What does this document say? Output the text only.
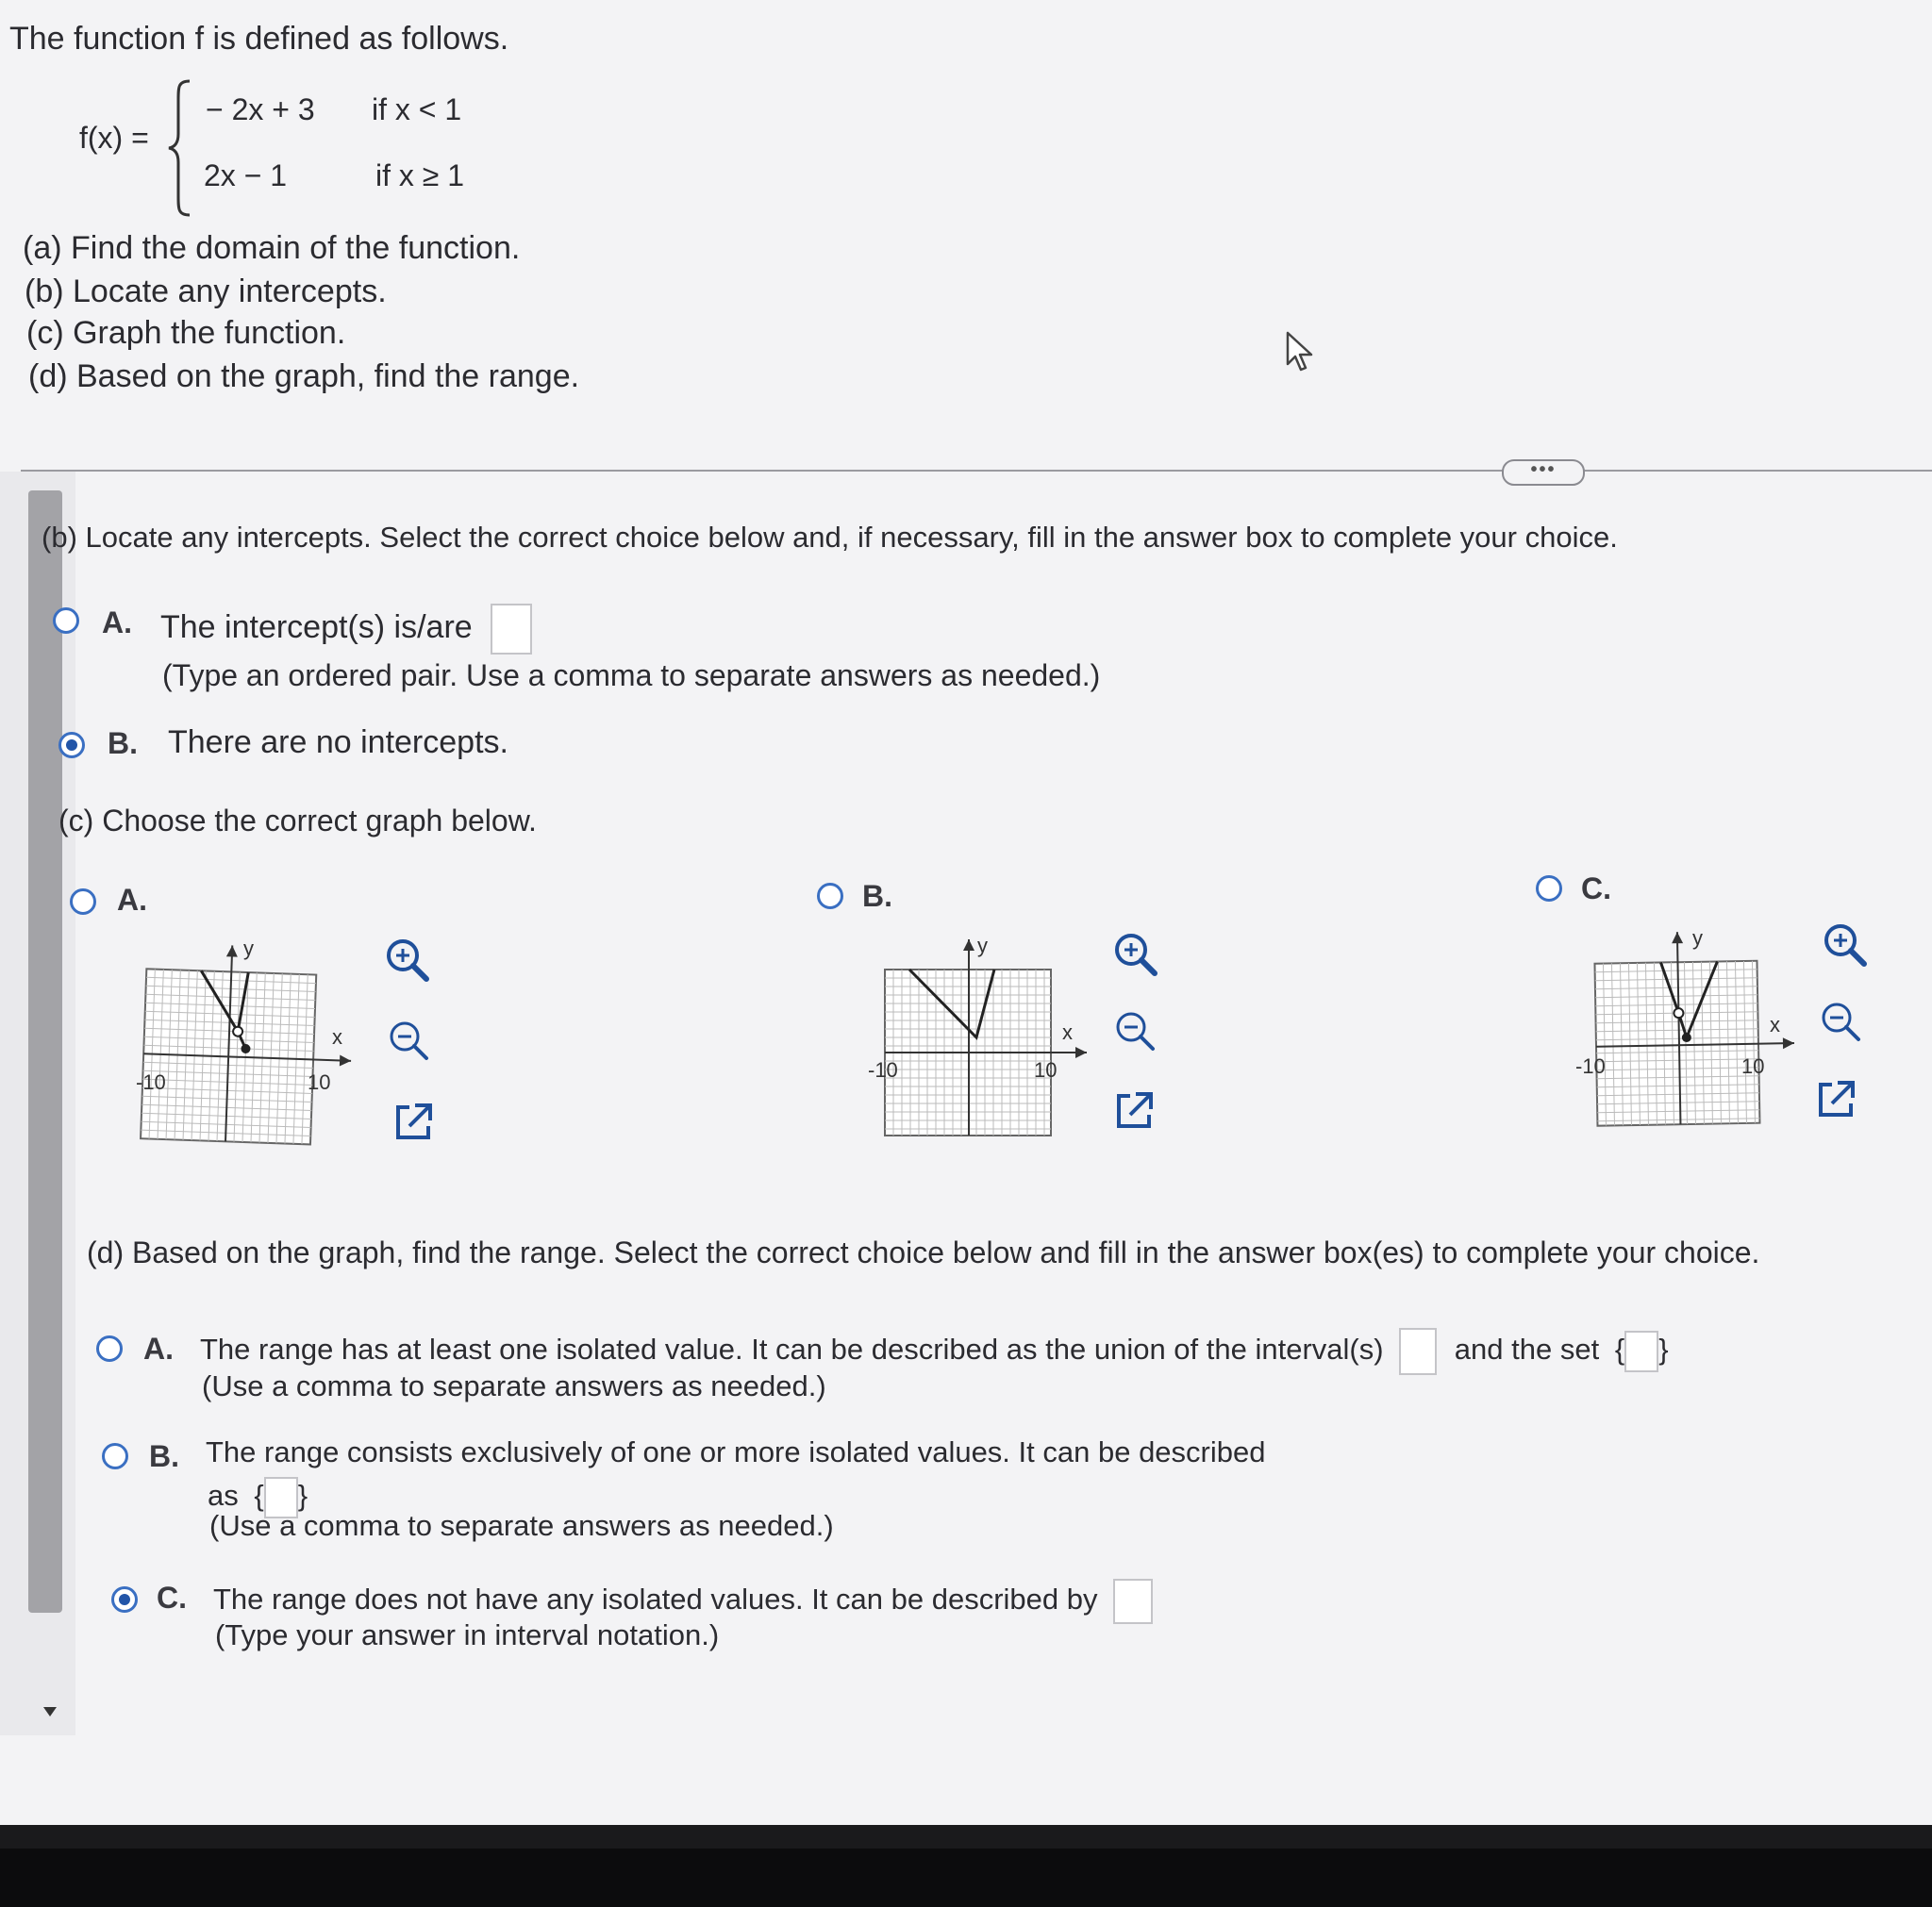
The function f is defined as follows.
f(x) =
− 2x + 3 if x < 1
2x − 1	if x ≥ 1
(a) Find the domain of the function.
(b) Locate any intercepts.
(c) Graph the function.
(d) Based on the graph, find the range.
•••
(b) Locate any intercepts. Select the correct choice below and, if necessary, fill in the answer box to complete your choice.
A. The intercept(s) is/are
(Type an ordered pair. Use a comma to separate answers as needed.)
B. There are no intercepts.
(c) Choose the correct graph below.
A.
y
x
-10	10
B.
y
x
-10	10
C.
y
x
-10	10
(d) Based on the graph, find the range. Select the correct choice below and fill in the answer box(es) to complete your choice.
A. The range has at least one isolated value. It can be described as the union of the interval(s) and the set { }
(Use a comma to separate answers as needed.)
B. The range consists exclusively of one or more isolated values. It can be described
as { }
(Use a comma to separate answers as needed.)
C. The range does not have any isolated values. It can be described by
(Type your answer in interval notation.)
